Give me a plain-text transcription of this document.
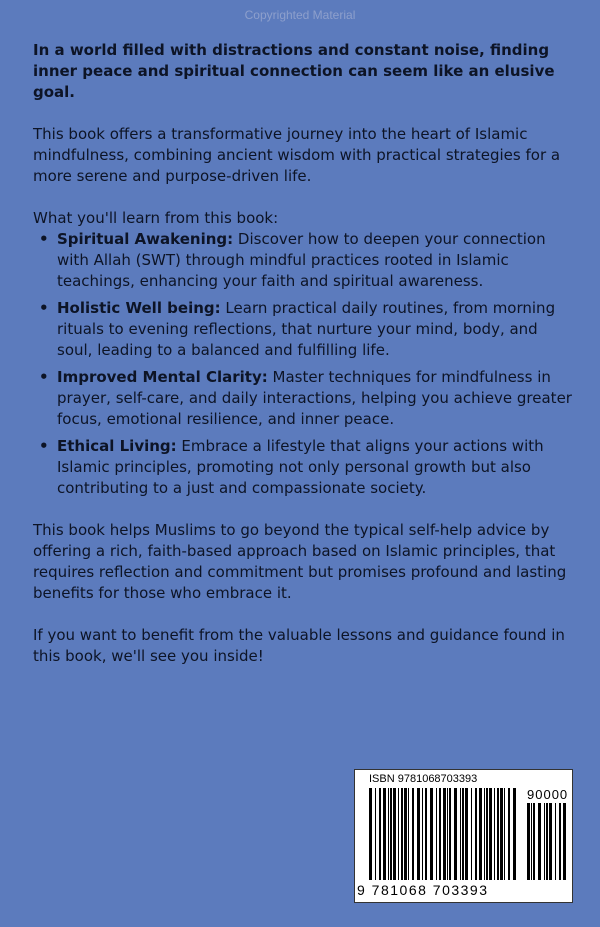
Copyrighted Material

In a world filled with distractions and constant noise, finding inner peace and spiritual connection can seem like an elusive goal.

This book offers a transformative journey into the heart of Islamic mindfulness, combining ancient wisdom with practical strategies for a more serene and purpose-driven life.

What you'll learn from this book:

• Spiritual Awakening: Discover how to deepen your connection with Allah (SWT) through mindful practices rooted in Islamic teachings, enhancing your faith and spiritual awareness.
• Holistic Well being: Learn practical daily routines, from morning rituals to evening reflections, that nurture your mind, body, and soul, leading to a balanced and fulfilling life.
• Improved Mental Clarity: Master techniques for mindfulness in prayer, self-care, and daily interactions, helping you achieve greater focus, emotional resilience, and inner peace.
• Ethical Living: Embrace a lifestyle that aligns your actions with Islamic principles, promoting not only personal growth but also contributing to a just and compassionate society.

This book helps Muslims to go beyond the typical self-help advice by offering a rich, faith-based approach based on Islamic principles, that requires reflection and commitment but promises profound and lasting benefits for those who embrace it.

If you want to benefit from the valuable lessons and guidance found in this book, we'll see you inside!

ISBN 9781068703393
90000
9 781068 703393
